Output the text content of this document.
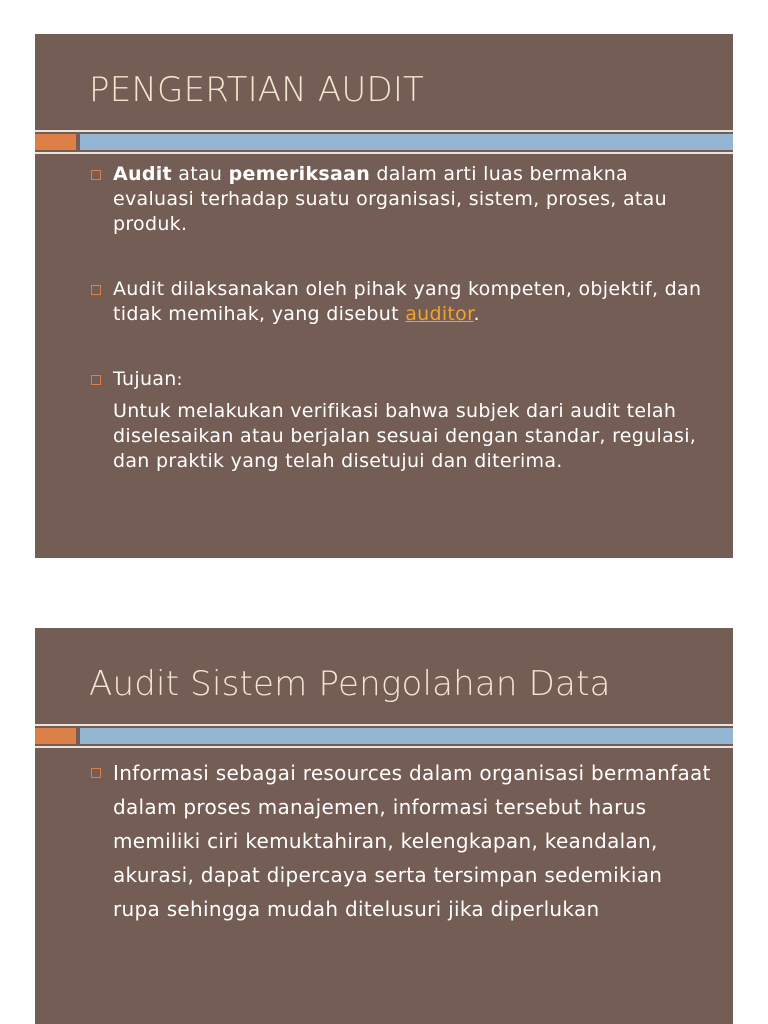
PENGERTIAN AUDIT
Audit atau pemeriksaan dalam arti luas bermakna evaluasi terhadap suatu organisasi, sistem, proses, atau produk.
Audit dilaksanakan oleh pihak yang kompeten, objektif, dan tidak memihak, yang disebut auditor.
Tujuan:
Untuk melakukan verifikasi bahwa subjek dari audit telah diselesaikan atau berjalan sesuai dengan standar, regulasi, dan praktik yang telah disetujui dan diterima.
Audit Sistem Pengolahan Data
Informasi sebagai resources dalam organisasi bermanfaat dalam proses manajemen, informasi tersebut harus memiliki ciri kemuktahiran, kelengkapan, keandalan, akurasi, dapat dipercaya serta tersimpan sedemikian rupa sehingga mudah ditelusuri jika diperlukan
